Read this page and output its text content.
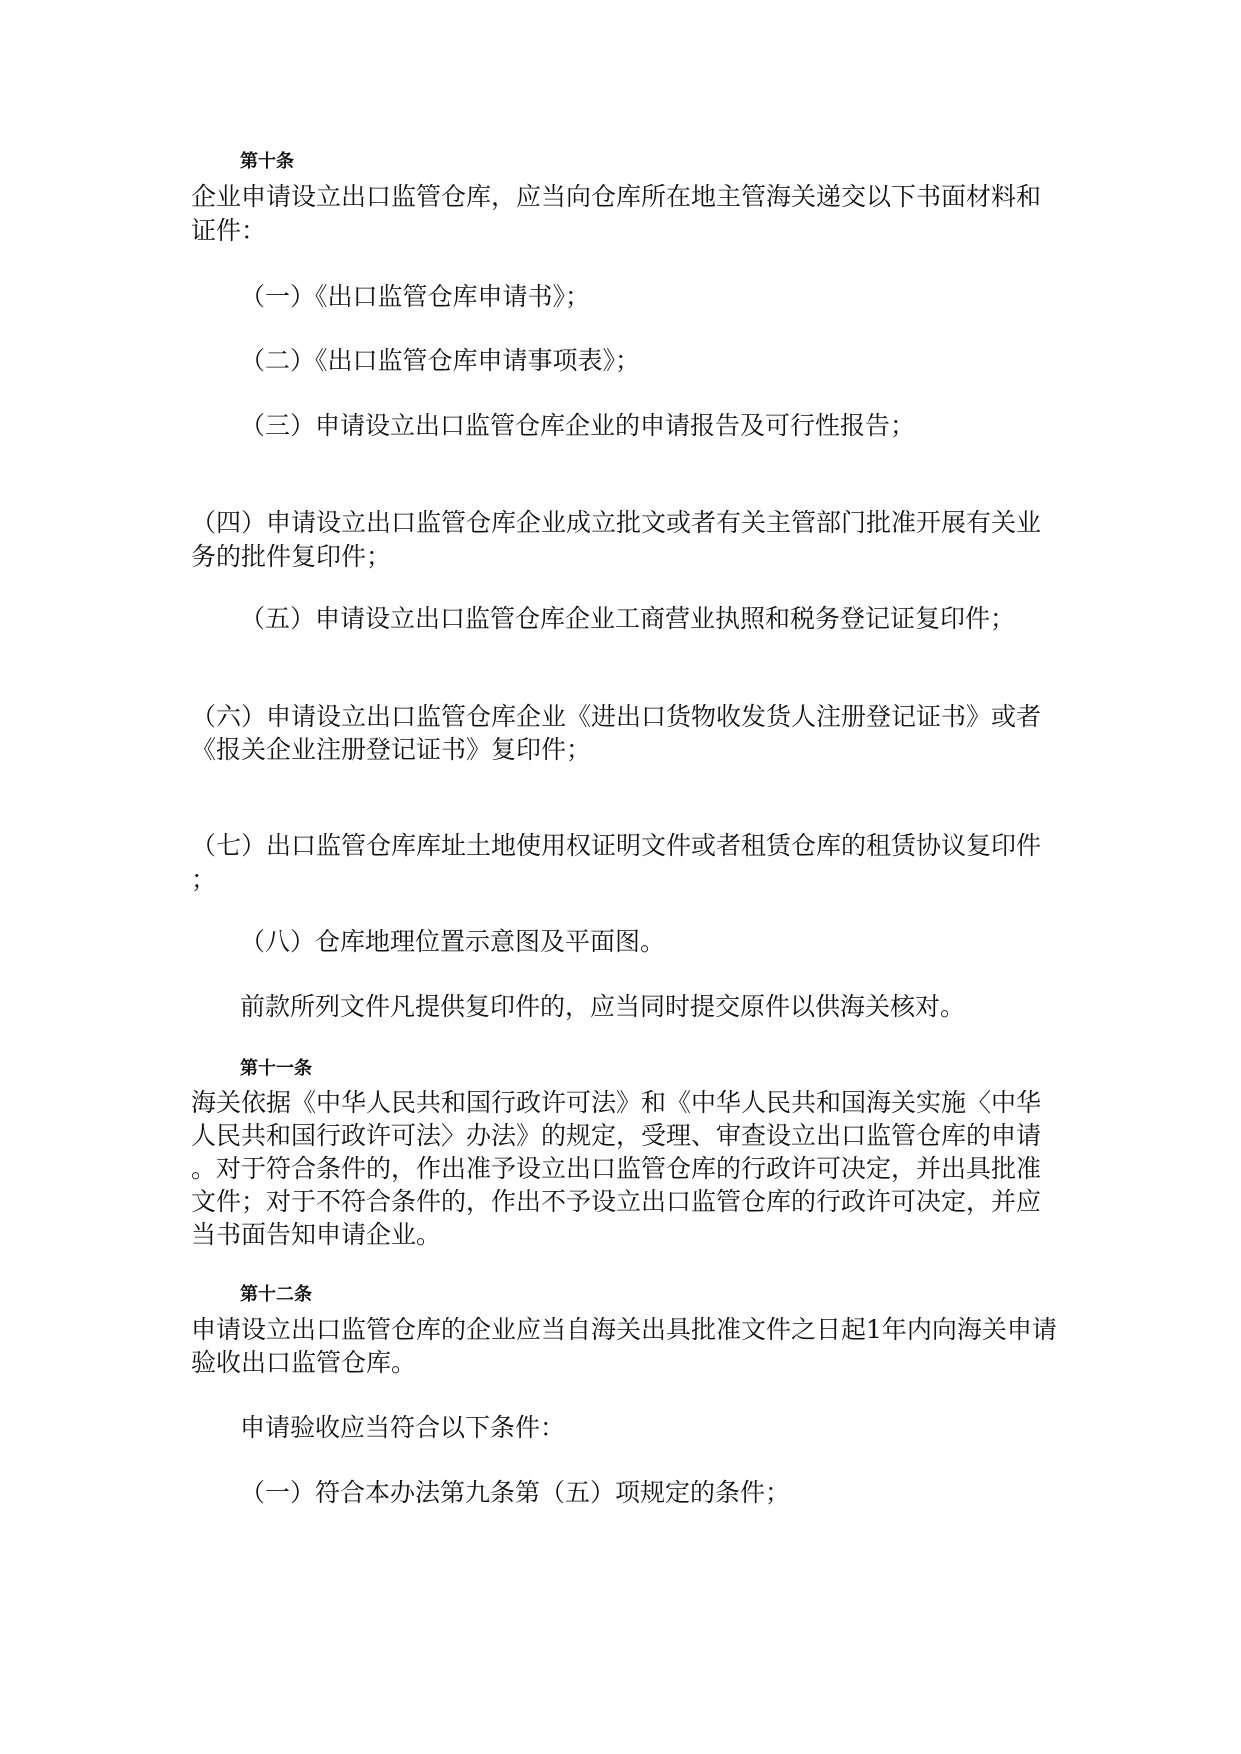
第十条

企业申请设立出口监管仓库，应当向仓库所在地主管海关递交以下书面材料和

证件：

（一）《出口监管仓库申请书》；

（二）《出口监管仓库申请事项表》；

（三）申请设立出口监管仓库企业的申请报告及可行性报告；

（四）申请设立出口监管仓库企业成立批文或者有关主管部门批准开展有关业

务的批件复印件；

（五）申请设立出口监管仓库企业工商营业执照和税务登记证复印件；

（六）申请设立出口监管仓库企业《进出口货物收发货人注册登记证书》或者

《报关企业注册登记证书》复印件；

（七）出口监管仓库库址土地使用权证明文件或者租赁仓库的租赁协议复印件

；

（八）仓库地理位置示意图及平面图。

前款所列文件凡提供复印件的，应当同时提交原件以供海关核对。

第十一条

海关依据《中华人民共和国行政许可法》和《中华人民共和国海关实施〈中华

人民共和国行政许可法〉办法》的规定，受理、审查设立出口监管仓库的申请

。对于符合条件的，作出准予设立出口监管仓库的行政许可决定，并出具批准

文件；对于不符合条件的，作出不予设立出口监管仓库的行政许可决定，并应

当书面告知申请企业。

第十二条

申请设立出口监管仓库的企业应当自海关出具批准文件之日起1年内向海关申请

验收出口监管仓库。

申请验收应当符合以下条件：

（一）符合本办法第九条第（五）项规定的条件；
